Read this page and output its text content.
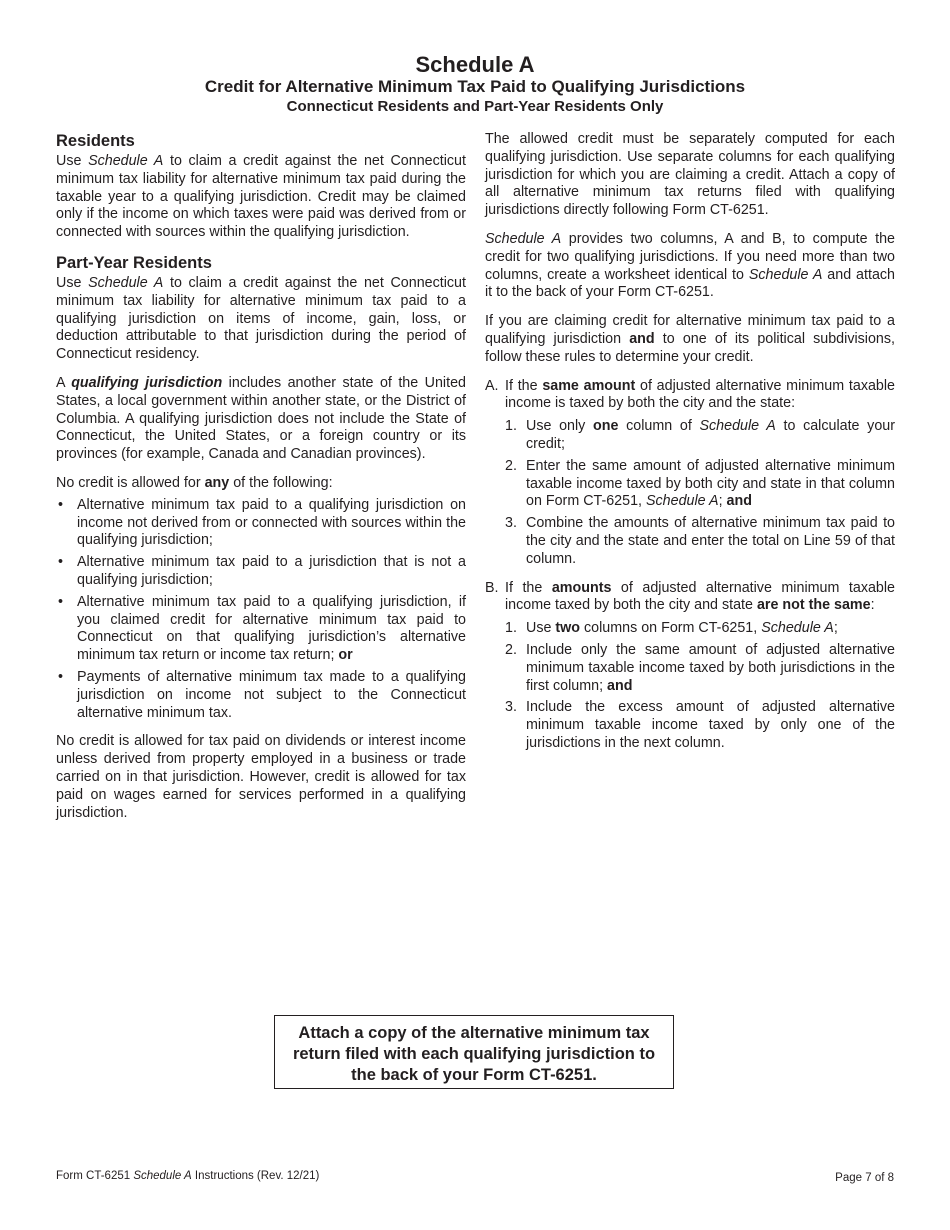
Schedule A
Credit for Alternative Minimum Tax Paid to Qualifying Jurisdictions
Connecticut Residents and Part-Year Residents Only
Residents

Use Schedule A to claim a credit against the net Connecticut minimum tax liability for alternative minimum tax paid during the taxable year to a qualifying jurisdiction. Credit may be claimed only if the income on which taxes were paid was derived from or connected with sources within the qualifying jurisdiction.

Part-Year Residents

Use Schedule A to claim a credit against the net Connecticut minimum tax liability for alternative minimum tax paid to a qualifying jurisdiction on items of income, gain, loss, or deduction attributable to that jurisdiction during the period of Connecticut residency.

A qualifying jurisdiction includes another state of the United States, a local government within another state, or the District of Columbia. A qualifying jurisdiction does not include the State of Connecticut, the United States, or a foreign country or its provinces (for example, Canada and Canadian provinces).

No credit is allowed for any of the following:

• Alternative minimum tax paid to a qualifying jurisdiction on income not derived from or connected with sources within the qualifying jurisdiction;
• Alternative minimum tax paid to a jurisdiction that is not a qualifying jurisdiction;
• Alternative minimum tax paid to a qualifying jurisdiction, if you claimed credit for alternative minimum tax paid to Connecticut on that qualifying jurisdiction’s alternative minimum tax return or income tax return; or
• Payments of alternative minimum tax made to a qualifying jurisdiction on income not subject to the Connecticut alternative minimum tax.

No credit is allowed for tax paid on dividends or interest income unless derived from property employed in a business or trade carried on in that jurisdiction. However, credit is allowed for tax paid on wages earned for services performed in a qualifying jurisdiction.

The allowed credit must be separately computed for each qualifying jurisdiction. Use separate columns for each qualifying jurisdiction for which you are claiming a credit. Attach a copy of all alternative minimum tax returns filed with qualifying jurisdictions directly following Form CT-6251.

Schedule A provides two columns, A and B, to compute the credit for two qualifying jurisdictions. If you need more than two columns, create a worksheet identical to Schedule A and attach it to the back of your Form CT-6251.

If you are claiming credit for alternative minimum tax paid to a qualifying jurisdiction and to one of its political subdivisions, follow these rules to determine your credit.

A. If the same amount of adjusted alternative minimum taxable income is taxed by both the city and the state:
1. Use only one column of Schedule A to calculate your credit;
2. Enter the same amount of adjusted alternative minimum taxable income taxed by both city and state in that column on Form CT-6251, Schedule A; and
3. Combine the amounts of alternative minimum tax paid to the city and the state and enter the total on Line 59 of that column.
B. If the amounts of adjusted alternative minimum taxable income taxed by both the city and state are not the same:
1. Use two columns on Form CT-6251, Schedule A;
2. Include only the same amount of adjusted alternative minimum taxable income taxed by both jurisdictions in the first column; and
3. Include the excess amount of adjusted alternative minimum taxable income taxed by only one of the jurisdictions in the next column.
Attach a copy of the alternative minimum tax
return filed with each qualifying jurisdiction to
the back of your Form CT-6251.
Form CT-6251 Schedule A Instructions (Rev. 12/21)	Page 7 of 8
